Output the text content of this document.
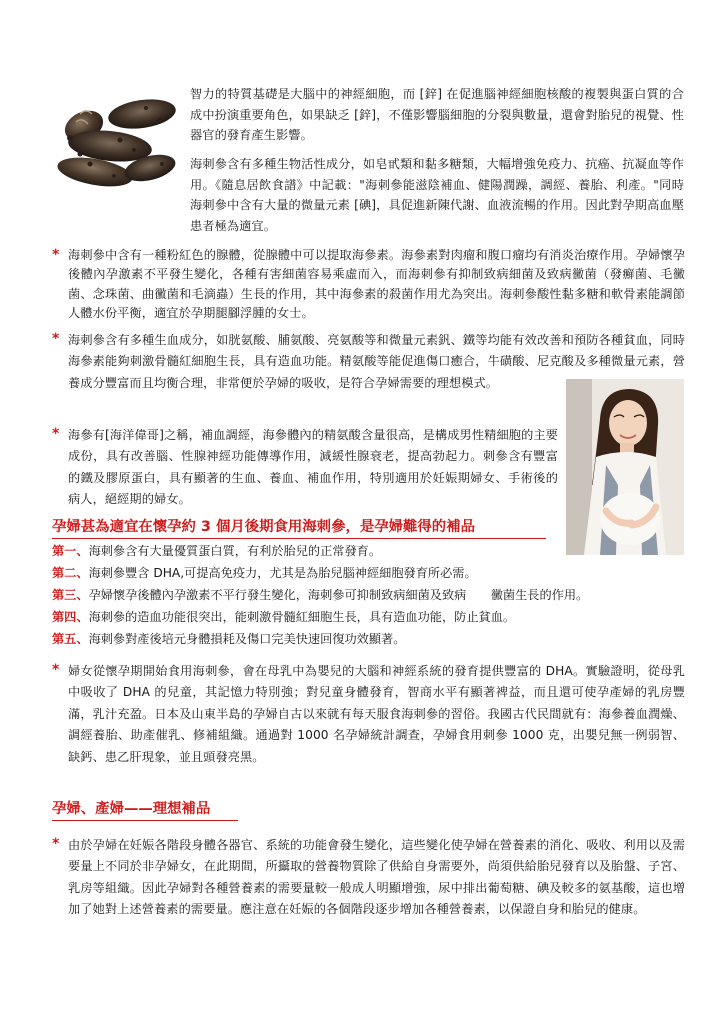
智力的特質基礎是大腦中的神經細胞，而 [鋅] 在促進腦神經細胞核酸的複製與蛋白質的合成中扮演重要角色，如果缺乏 [鋅]，不僅影響腦細胞的分裂與數量，還會對胎兒的視覺、性器官的發育產生影響。

海刺參含有多種生物活性成分，如皂甙類和黏多糖類，大幅增強免疫力、抗癌、抗凝血等作用。《隨息居飲食譜》中記載："海刺參能滋陰補血、健陽潤躁，調經、養胎、利產。"同時海刺參中含有大量的微量元素 [碘]，具促進新陳代謝、血液流暢的作用。因此對孕期高血壓患者極為適宜。

* 海刺參中含有一種粉紅色的腺體，從腺體中可以提取海參素。海參素對肉瘤和腹口瘤均有消炎治療作用。孕婦懷孕後體內孕激素不平發生變化，各種有害細菌容易乘虛而入，而海刺參有抑制致病細菌及致病黴菌（發癬菌、毛黴菌、念珠菌、曲黴菌和毛滴蟲）生長的作用，其中海參素的殺菌作用尤為突出。海刺參酸性黏多糖和軟骨素能調節人體水份平衡，適宜於孕期腿腳浮腫的女士。

* 海刺參含有多種生血成分，如胱氨酸、脯氨酸、亮氨酸等和微量元素釩、鐵等均能有效改善和預防各種貧血，同時海參素能夠刺激骨髓紅細胞生長，具有造血功能。精氨酸等能促進傷口癒合，牛磺酸、尼克酸及多種微量元素，營養成分豐富而且均衡合理，非常便於孕婦的吸收，是符合孕婦需要的理想模式。

* 海參有[海洋偉哥]之稱，補血調經，海參體內的精氨酸含量很高，是構成男性精細胞的主要成份，具有改善腦、性腺神經功能傳導作用，減緩性腺衰老，提高勃起力。刺參含有豐富的鐵及膠原蛋白，具有顯著的生血、養血、補血作用，特別適用於妊娠期婦女、手術後的病人，絕經期的婦女。

孕婦甚為適宜在懷孕約 3 個月後期食用海刺參，是孕婦難得的補品
第一、海刺參含有大量優質蛋白質，有利於胎兒的正常發育。
第二、海刺參豐含 DHA,可提高免疫力，尤其是為胎兒腦神經細胞發育所必需。
第三、孕婦懷孕後體內孕激素不平行發生變化，海刺參可抑制致病細菌及致病　　黴菌生長的作用。
第四、海刺參的造血功能很突出，能刺激骨髓紅細胞生長，具有造血功能，防止貧血。
第五、海刺參對產後培元身體損耗及傷口完美快速回復功效顯著。
* 婦女從懷孕期開始食用海刺參，會在母乳中為嬰兒的大腦和神經系統的發育提供豐富的 DHA。實驗證明，從母乳中吸收了 DHA 的兒童，其記憶力特別強；對兒童身體發育，智商水平有顯著裨益，而且還可使孕產婦的乳房豐滿，乳汁充盈。日本及山東半島的孕婦自古以來就有每天服食海刺參的習俗。我國古代民間就有：海參養血潤燥、調經養胎、助產催乳、修補組織。通過對 1000 名孕婦統計調查，孕婦食用刺參 1000 克，出嬰兒無一例弱智、缺鈣、患乙肝現象，並且頭發亮黑。

孕婦、產婦——理想補品
* 由於孕婦在妊娠各階段身體各器官、系統的功能會發生變化，這些變化使孕婦在營養素的消化、吸收、利用以及需要量上不同於非孕婦女，在此期間，所攝取的營養物質除了供給自身需要外，尚須供給胎兒發育以及胎盤、子宮、乳房等組織。因此孕婦對各種營養素的需要量較一般成人明顯增強，尿中排出葡萄糖、碘及較多的氨基酸，這也增加了她對上述營養素的需要量。應注意在妊娠的各個階段逐步增加各種營養素，以保證自身和胎兒的健康。
